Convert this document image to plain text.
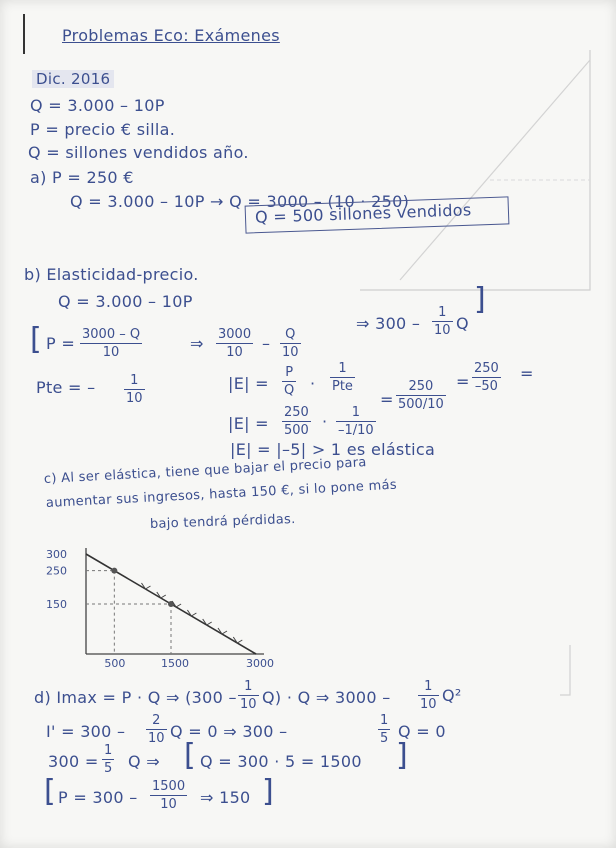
Problemas Eco: Exámenes
Dic. 2016
Q = 3.000 – 10P
P = precio € silla.
Q = sillones vendidos año.
a) P = 250 €
Q = 3.000 – 10P → Q = 3000 – (10 · 250)
Q = 500 sillones vendidos
b) Elasticidad-precio.
Q = 3.000 – 10P
[ $P = \frac{3000 - Q}{10}$	⇒ $\frac{3000}{10} - \frac{Q}{10}$
⇒ $300 - \frac{1}{10}$ Q
]
Pte = – $\frac{1}{10}$	$|E| = \frac{P}{Q}$ ·
1
Pte
$|E| = \frac{250}{500} \cdot \frac{1}{-1/10}$
= $\frac{250}{500/10} = \frac{250}{-50}$ =
|E| = |–5| > 1 es elástica
c) Al ser elástica, tiene que bajar el precio para
aumentar sus ingresos, hasta 150 €, si lo pone más
bajo tendrá pérdidas.
300
250
150
500	1500	3000
d) Imax = P · Q ⇒ $(300 - \frac{1}{10} Q) \cdot Q$ ⇒ $3000 - \frac{1}{10} Q^2$
$I' = 300 - \frac{2}{10}$ Q = 0 ⇒ 300 –	$\frac{1}{5}$ Q = 0
$300 = \frac{1}{5}$ Q ⇒ [ Q = 300 · 5 = 1500 ]
[ $P = 300 - \frac{1500}{10}$ ⇒ 150 ]
